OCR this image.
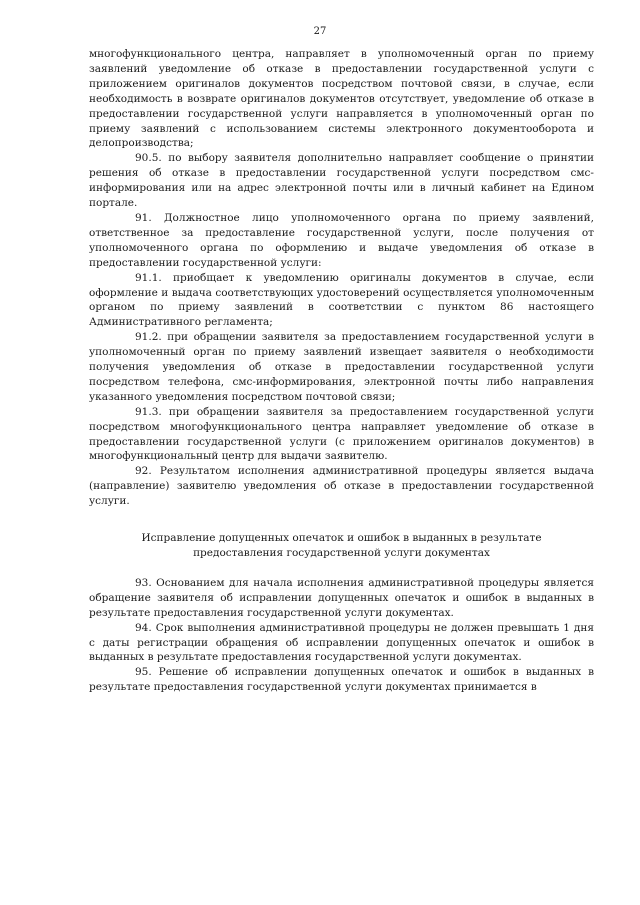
27

многофункционального центра, направляет в уполномоченный орган по приему заявлений уведомление об отказе в предоставлении государственной услуги с приложением оригиналов документов посредством почтовой связи, в случае, если необходимость в возврате оригиналов документов отсутствует, уведомление об отказе в предоставлении государственной услуги направляется в уполномоченный орган по приему заявлений с использованием системы электронного документооборота и делопроизводства;

90.5. по выбору заявителя дополнительно направляет сообщение о принятии решения об отказе в предоставлении государственной услуги посредством смс-информирования или на адрес электронной почты или в личный кабинет на Едином портале.

91. Должностное лицо уполномоченного органа по приему заявлений, ответственное за предоставление государственной услуги, после получения от уполномоченного органа по оформлению и выдаче уведомления об отказе в предоставлении государственной услуги:

91.1. приобщает к уведомлению оригиналы документов в случае, если оформление и выдача соответствующих удостоверений осуществляется уполномоченным органом по приему заявлений в соответствии с пунктом 86 настоящего Административного регламента;

91.2. при обращении заявителя за предоставлением государственной услуги в уполномоченный орган по приему заявлений извещает заявителя о необходимости получения уведомления об отказе в предоставлении государственной услуги посредством телефона, смс-информирования, электронной почты либо направления указанного уведомления посредством почтовой связи;

91.3. при обращении заявителя за предоставлением государственной услуги посредством многофункционального центра направляет уведомление об отказе в предоставлении государственной услуги (с приложением оригиналов документов) в многофункциональный центр для выдачи заявителю.

92. Результатом исполнения административной процедуры является выдача (направление) заявителю уведомления об отказе в предоставлении государственной услуги.

Исправление допущенных опечаток и ошибок в выданных в результате предоставления государственной услуги документах

93. Основанием для начала исполнения административной процедуры является обращение заявителя об исправлении допущенных опечаток и ошибок в выданных в результате предоставления государственной услуги документах.

94. Срок выполнения административной процедуры не должен превышать 1 дня с даты регистрации обращения об исправлении допущенных опечаток и ошибок в выданных в результате предоставления государственной услуги документах.

95. Решение об исправлении допущенных опечаток и ошибок в выданных в результате предоставления государственной услуги документах принимается в
